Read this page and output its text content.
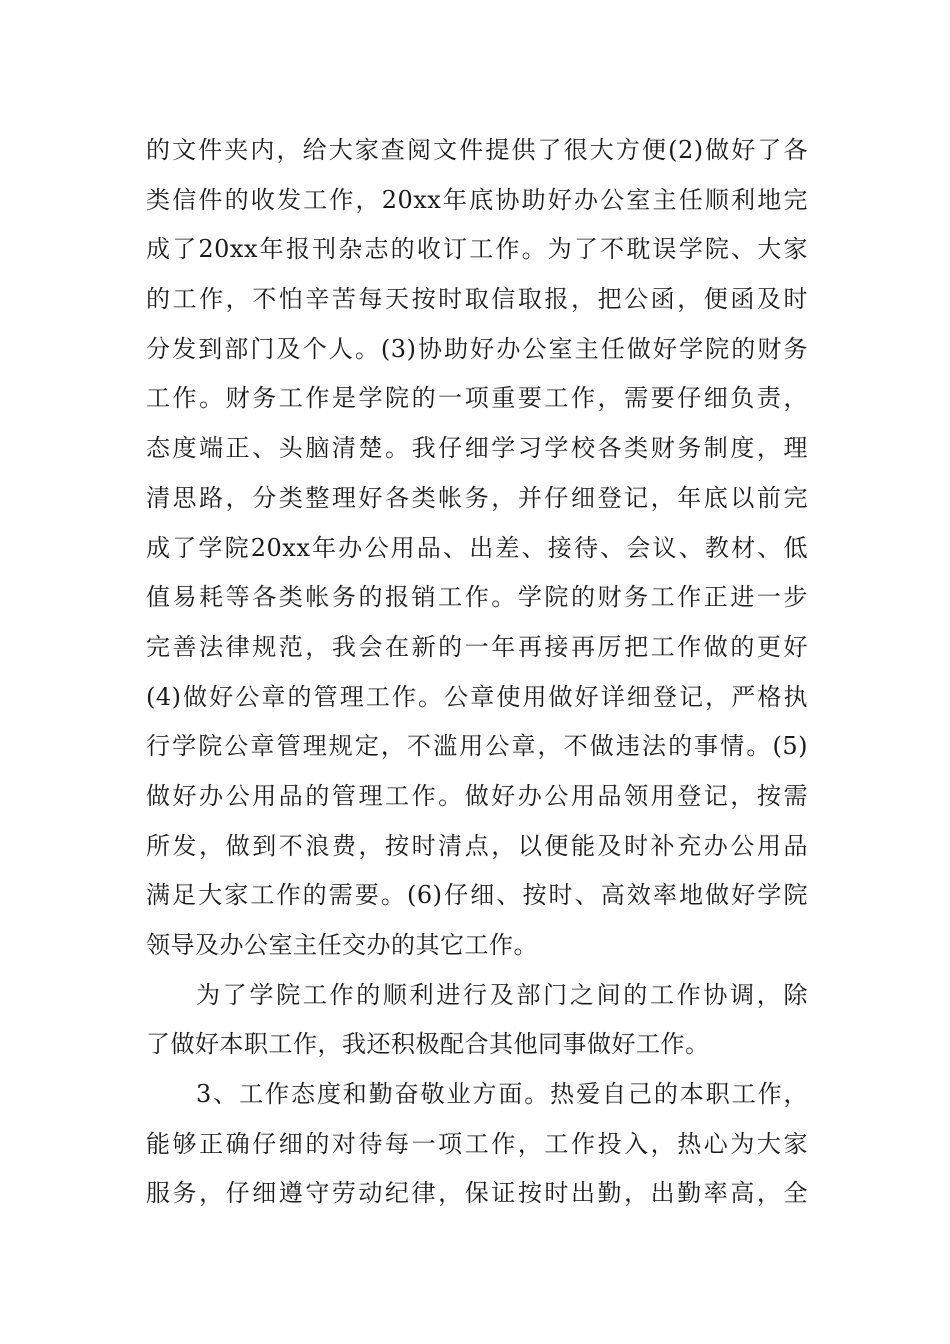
的文件夹内，给大家查阅文件提供了很大方便(2)做好了各
类信件的收发工作，20xx年底协助好办公室主任顺利地完
成了20xx年报刊杂志的收订工作。为了不耽误学院、大家
的工作，不怕辛苦每天按时取信取报，把公函，便函及时
分发到部门及个人。(3)协助好办公室主任做好学院的财务
工作。财务工作是学院的一项重要工作，需要仔细负责，
态度端正、头脑清楚。我仔细学习学校各类财务制度，理
清思路，分类整理好各类帐务，并仔细登记，年底以前完
成了学院20xx年办公用品、出差、接待、会议、教材、低
值易耗等各类帐务的报销工作。学院的财务工作正进一步
完善法律规范，我会在新的一年再接再厉把工作做的更好
(4)做好公章的管理工作。公章使用做好详细登记，严格执
行学院公章管理规定，不滥用公章，不做违法的事情。(5)
做好办公用品的管理工作。做好办公用品领用登记，按需
所发，做到不浪费，按时清点，以便能及时补充办公用品
满足大家工作的需要。(6)仔细、按时、高效率地做好学院
领导及办公室主任交办的其它工作。
为了学院工作的顺利进行及部门之间的工作协调，除
了做好本职工作，我还积极配合其他同事做好工作。
3、工作态度和勤奋敬业方面。热爱自己的本职工作，
能够正确仔细的对待每一项工作，工作投入，热心为大家
服务，仔细遵守劳动纪律，保证按时出勤，出勤率高，全
